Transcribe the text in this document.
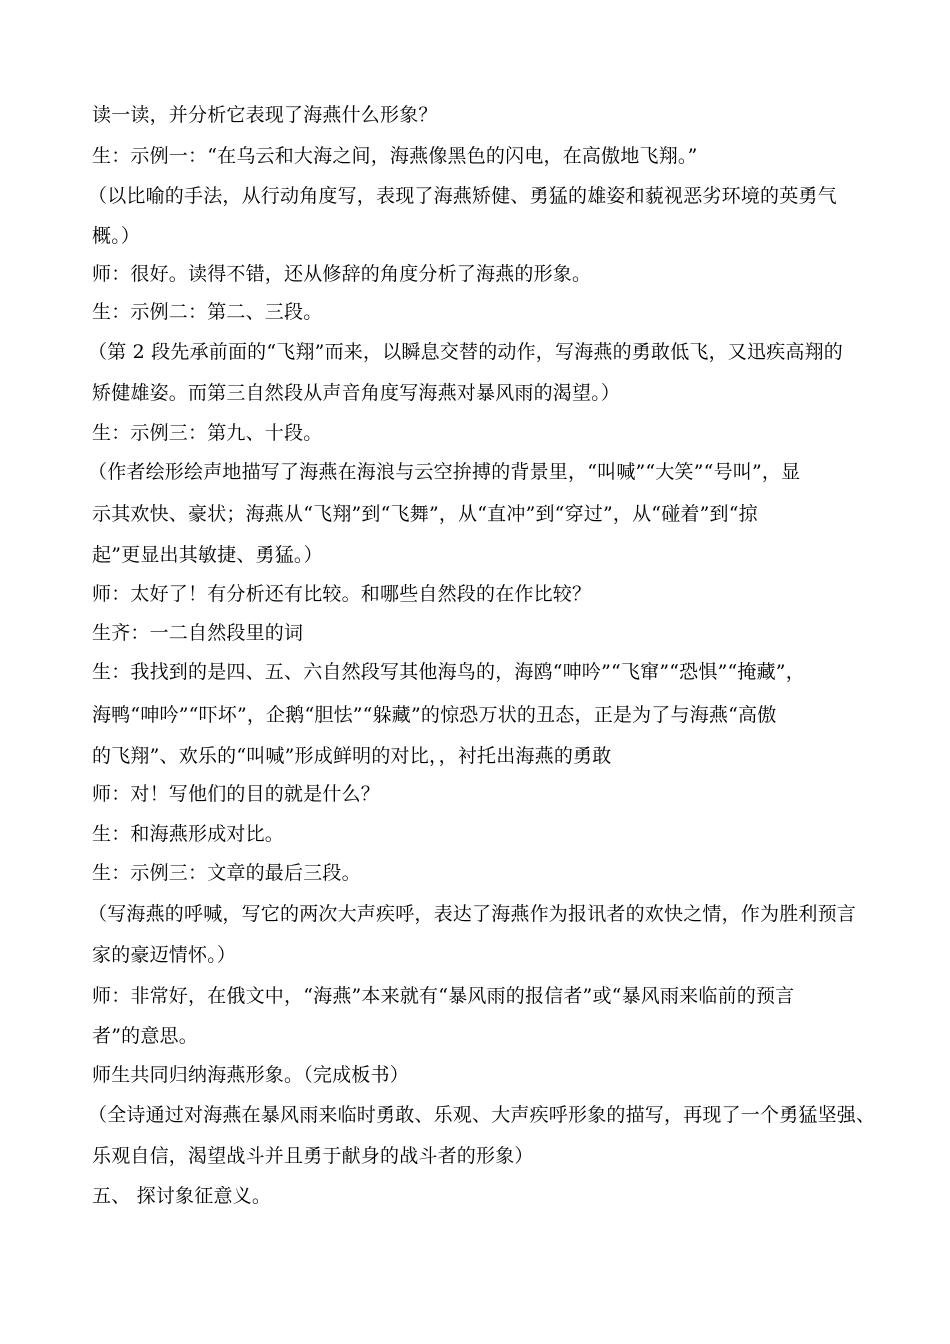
读一读，并分析它表现了海燕什么形象？
生：示例一：“在乌云和大海之间，海燕像黑色的闪电，在高傲地飞翔。”
（以比喻的手法，从行动角度写，表现了海燕矫健、勇猛的雄姿和藐视恶劣环境的英勇气
概。）
师：很好。读得不错，还从修辞的角度分析了海燕的形象。
生：示例二：第二、三段。
（第 2 段先承前面的“飞翔”而来，以瞬息交替的动作，写海燕的勇敢低飞，又迅疾高翔的
矫健雄姿。而第三自然段从声音角度写海燕对暴风雨的渴望。）
生：示例三：第九、十段。
（作者绘形绘声地描写了海燕在海浪与云空拚搏的背景里，“叫喊”“大笑”“号叫”，显
示其欢快、豪状；海燕从“飞翔”到“飞舞”，从“直冲”到“穿过”，从“碰着”到“掠
起”更显出其敏捷、勇猛。）
师：太好了！有分析还有比较。和哪些自然段的在作比较？
生齐：一二自然段里的词
生：我找到的是四、五、六自然段写其他海鸟的，海鸥“呻吟”“飞窜”“恐惧”“掩藏”，
海鸭“呻吟”“吓坏”，企鹅“胆怯”“躲藏”的惊恐万状的丑态，正是为了与海燕“高傲
的飞翔”、欢乐的“叫喊”形成鲜明的对比，，衬托出海燕的勇敢
师：对！写他们的目的就是什么？
生：和海燕形成对比。
生：示例三：文章的最后三段。
（写海燕的呼喊，写它的两次大声疾呼，表达了海燕作为报讯者的欢快之情，作为胜利预言
家的豪迈情怀。）
师：非常好，在俄文中，“海燕”本来就有“暴风雨的报信者”或“暴风雨来临前的预言
者”的意思。
师生共同归纳海燕形象。（完成板书）
（全诗通过对海燕在暴风雨来临时勇敢、乐观、大声疾呼形象的描写，再现了一个勇猛坚强、
乐观自信，渴望战斗并且勇于献身的战斗者的形象）
五、 探讨象征意义。
